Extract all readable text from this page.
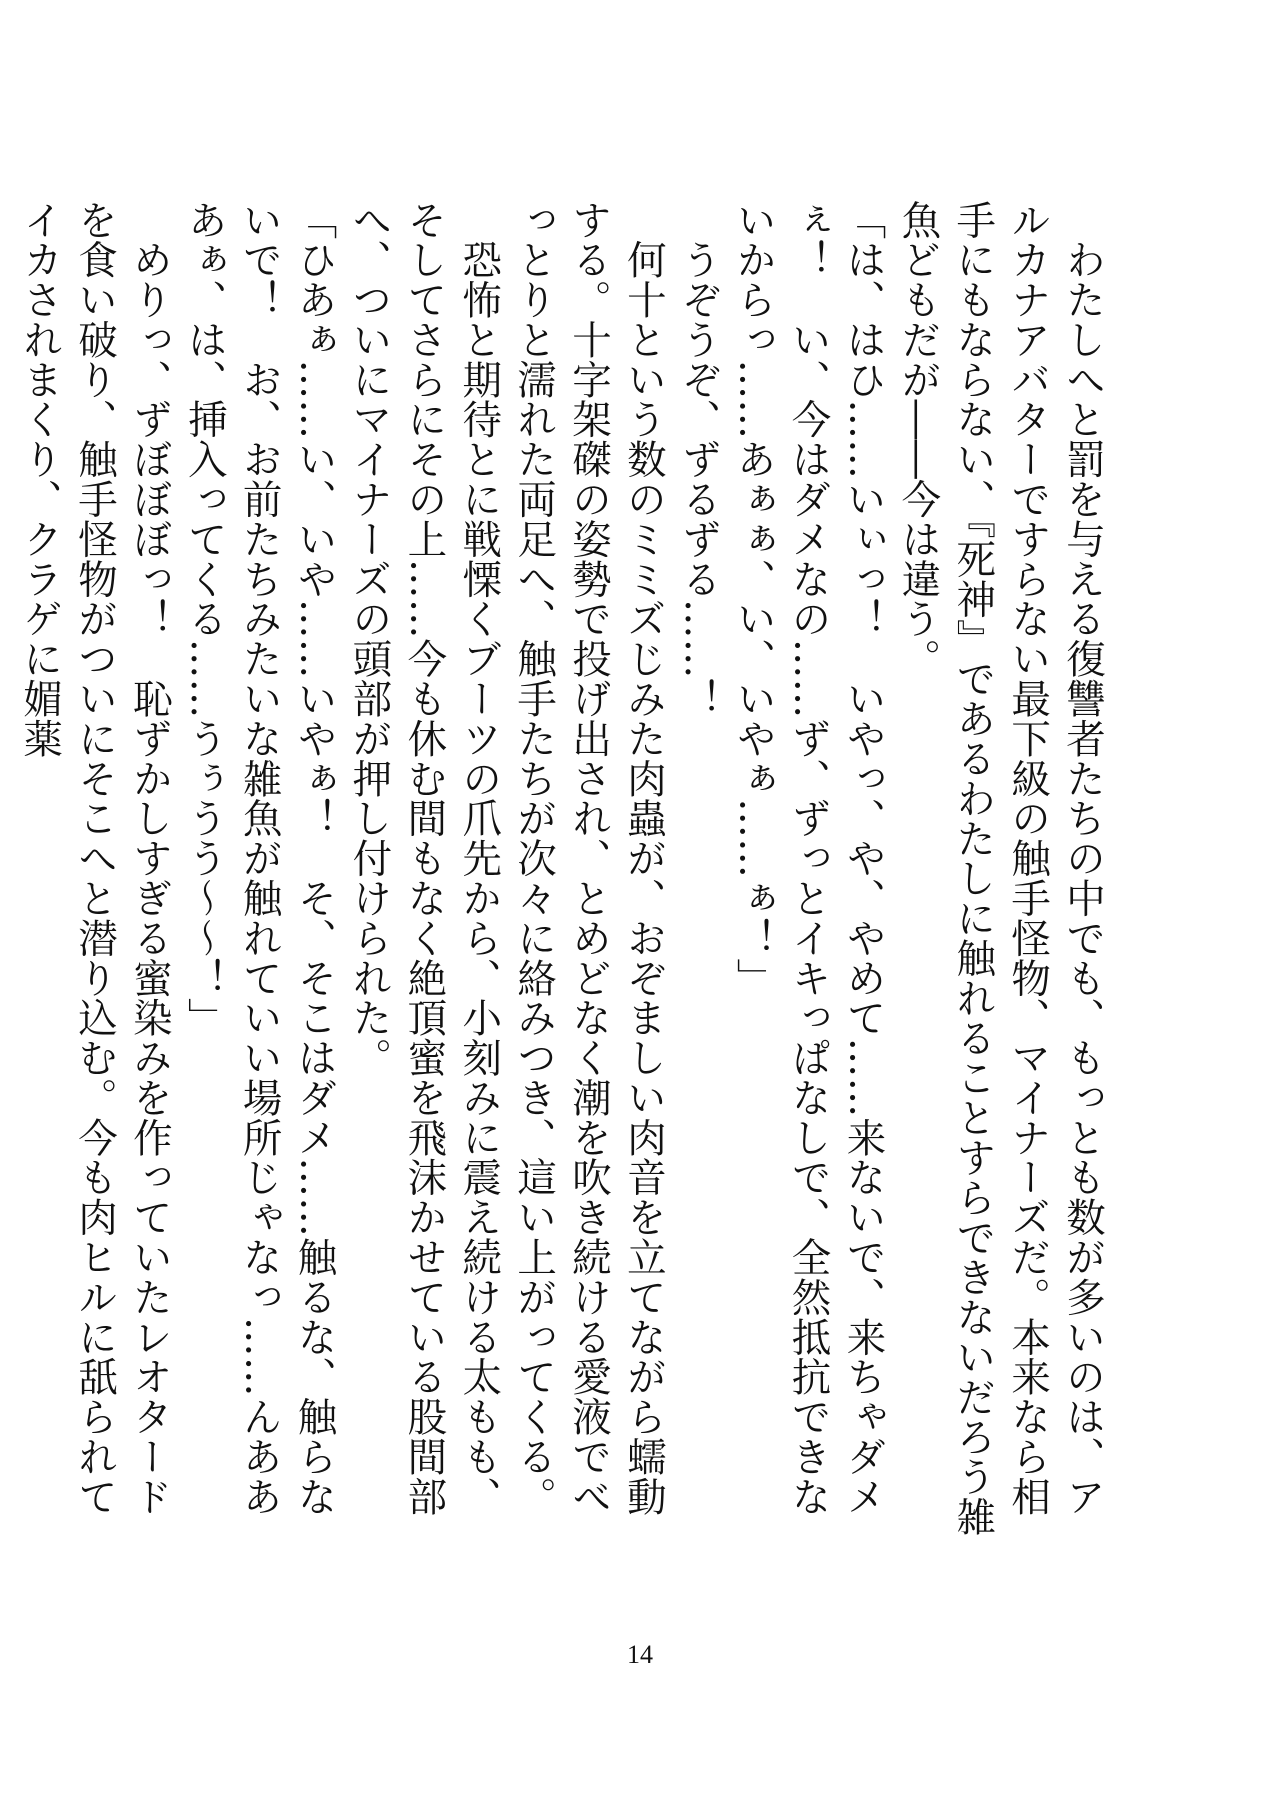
　わたしへと罰を与える復讐者たちの中でも、もっとも数が多いのは、アルカナアバターですらない最下級の触手怪物、マイナーズだ。本来なら相手にもならない、『死神』であるわたしに触れることすらできないだろう雑魚どもだが――今は違う。

「は、はひ……いぃっ！　いやっ、や、やめて……来ないで、来ちゃダメぇ！　い、今はダメなの……ず、ずっとイキっぱなしで、全然抵抗できないからっ……あぁぁ、い、いやぁ……ぁ！」

　うぞうぞ、ずるずる……！

　何十という数のミミズじみた肉蟲が、おぞましい肉音を立てながら蠕動する。十字架磔の姿勢で投げ出され、とめどなく潮を吹き続ける愛液でべっとりと濡れた両足へ、触手たちが次々に絡みつき、這い上がってくる。

　恐怖と期待とに戦慄くブーツの爪先から、小刻みに震え続ける太もも、そしてさらにその上……今も休む間もなく絶頂蜜を飛沫かせている股間部へ、ついにマイナーズの頭部が押し付けられた。

「ひあぁ……い、いや……いやぁ！　そ、そこはダメ……触るな、触らないで！　お、お前たちみたいな雑魚が触れていい場所じゃなっ……んあああぁ、は、挿入ってくる……うぅうう～～！」

　めりっ、ずぼぼぼっ！　恥ずかしすぎる蜜染みを作っていたレオタードを食い破り、触手怪物がついにそこへと潜り込む。今も肉ヒルに舐られてイカされまくり、クラゲに媚薬

14
